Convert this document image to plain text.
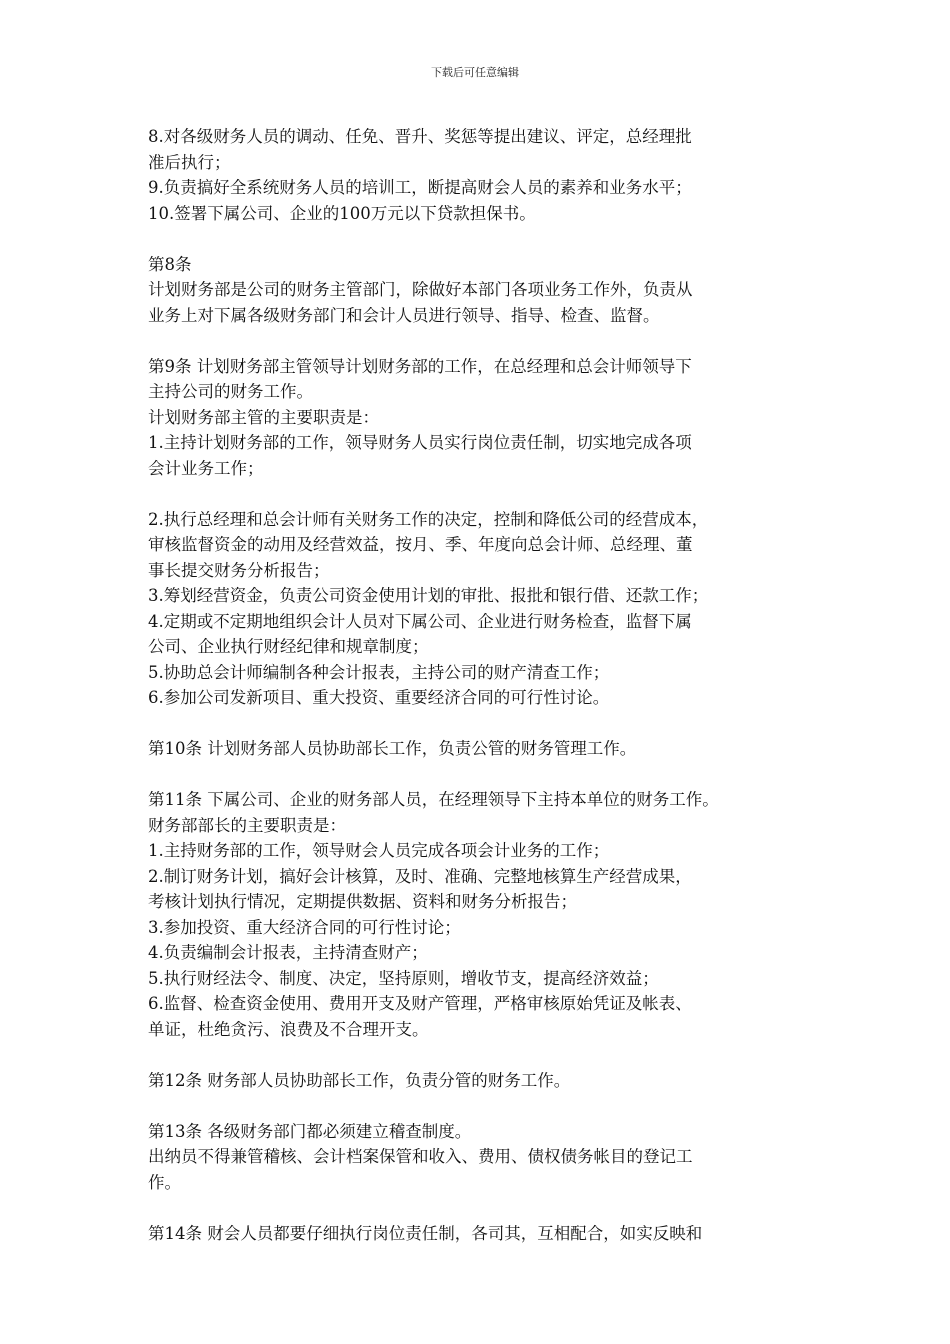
下载后可任意编辑
8.对各级财务人员的调动、任免、晋升、奖惩等提出建议、评定，总经理批
准后执行；
9.负责搞好全系统财务人员的培训工，断提高财会人员的素养和业务水平；
10.签署下属公司、企业的100万元以下贷款担保书。
第8条
计划财务部是公司的财务主管部门，除做好本部门各项业务工作外，负责从
业务上对下属各级财务部门和会计人员进行领导、指导、检查、监督。
第9条 计划财务部主管领导计划财务部的工作，在总经理和总会计师领导下
主持公司的财务工作。
计划财务部主管的主要职责是：
1.主持计划财务部的工作，领导财务人员实行岗位责任制，切实地完成各项
会计业务工作；
2.执行总经理和总会计师有关财务工作的决定，控制和降低公司的经营成本，
审核监督资金的动用及经营效益，按月、季、年度向总会计师、总经理、董
事长提交财务分析报告；
3.筹划经营资金，负责公司资金使用计划的审批、报批和银行借、还款工作；
4.定期或不定期地组织会计人员对下属公司、企业进行财务检查，监督下属
公司、企业执行财经纪律和规章制度；
5.协助总会计师编制各种会计报表，主持公司的财产清查工作；
6.参加公司发新项目、重大投资、重要经济合同的可行性讨论。
第10条 计划财务部人员协助部长工作，负责公管的财务管理工作。
第11条 下属公司、企业的财务部人员，在经理领导下主持本单位的财务工作。
财务部部长的主要职责是：
1.主持财务部的工作，领导财会人员完成各项会计业务的工作；
2.制订财务计划，搞好会计核算，及时、准确、完整地核算生产经营成果，
考核计划执行情况，定期提供数据、资料和财务分析报告；
3.参加投资、重大经济合同的可行性讨论；
4.负责编制会计报表，主持清查财产；
5.执行财经法令、制度、决定，坚持原则，增收节支，提高经济效益；
6.监督、检查资金使用、费用开支及财产管理，严格审核原始凭证及帐表、
单证，杜绝贪污、浪费及不合理开支。
第12条 财务部人员协助部长工作，负责分管的财务工作。
第13条 各级财务部门都必须建立稽查制度。
出纳员不得兼管稽核、会计档案保管和收入、费用、债权债务帐目的登记工
作。
第14条 财会人员都要仔细执行岗位责任制，各司其，互相配合，如实反映和
